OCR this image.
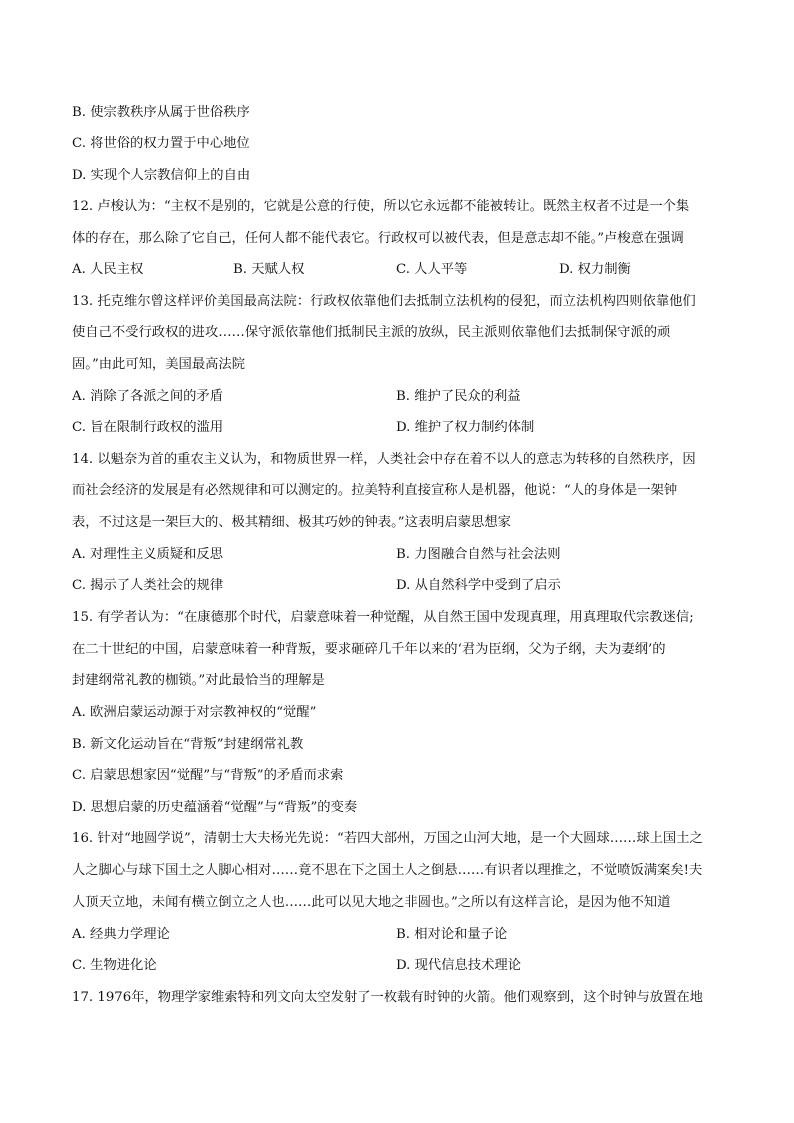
B. 使宗教秩序从属于世俗秩序
C. 将世俗的权力置于中心地位
D. 实现个人宗教信仰上的自由
12. 卢梭认为：“主权不是别的，它就是公意的行使，所以它永远都不能被转让。既然主权者不过是一个集
体的存在，那么除了它自己，任何人都不能代表它。行政权可以被代表，但是意志却不能。”卢梭意在强调
A. 人民主权	B. 天赋人权	C. 人人平等	D. 权力制衡
13. 托克维尔曾这样评价美国最高法院：行政权依靠他们去抵制立法机构的侵犯，而立法机构四则依靠他们
使自己不受行政权的进攻……保守派依靠他们抵制民主派的放纵，民主派则依靠他们去抵制保守派的顽
固。”由此可知，美国最高法院
A. 消除了各派之间的矛盾	B. 维护了民众的利益
C. 旨在限制行政权的滥用	D. 维护了权力制约体制
14. 以魁奈为首的重农主义认为，和物质世界一样，人类社会中存在着不以人的意志为转移的自然秩序，因
而社会经济的发展是有必然规律和可以测定的。拉美特利直接宣称人是机器，他说：“人的身体是一架钟
表，不过这是一架巨大的、极其精细、极其巧妙的钟表。”这表明启蒙思想家
A. 对理性主义质疑和反思	B. 力图融合自然与社会法则
C. 揭示了人类社会的规律	D. 从自然科学中受到了启示
15. 有学者认为：“在康德那个时代，启蒙意味着一种觉醒，从自然王国中发现真理，用真理取代宗教迷信;
在二十世纪的中国，启蒙意味着一种背叛，要求砸碎几千年以来的‘君为臣纲，父为子纲，夫为妻纲’的
封建纲常礼教的枷锁。”对此最恰当的理解是
A. 欧洲启蒙运动源于对宗教神权的“觉醒”
B. 新文化运动旨在“背叛”封建纲常礼教
C. 启蒙思想家因“觉醒”与“背叛”的矛盾而求索
D. 思想启蒙的历史蕴涵着“觉醒”与“背叛”的变奏
16. 针对“地圆学说”，清朝士大夫杨光先说：“若四大部州，万国之山河大地，是一个大圆球……球上国土之
人之脚心与球下国土之人脚心相对……竟不思在下之国土人之倒悬……有识者以理推之，不觉喷饭满案矣!夫
人顶天立地，未闻有横立倒立之人也……此可以见大地之非圆也。”之所以有这样言论，是因为他不知道
A. 经典力学理论	B. 相对论和量子论
C. 生物进化论	D. 现代信息技术理论
17. 1976年，物理学家维索特和列文向太空发射了一枚载有时钟的火箭。他们观察到，这个时钟与放置在地
